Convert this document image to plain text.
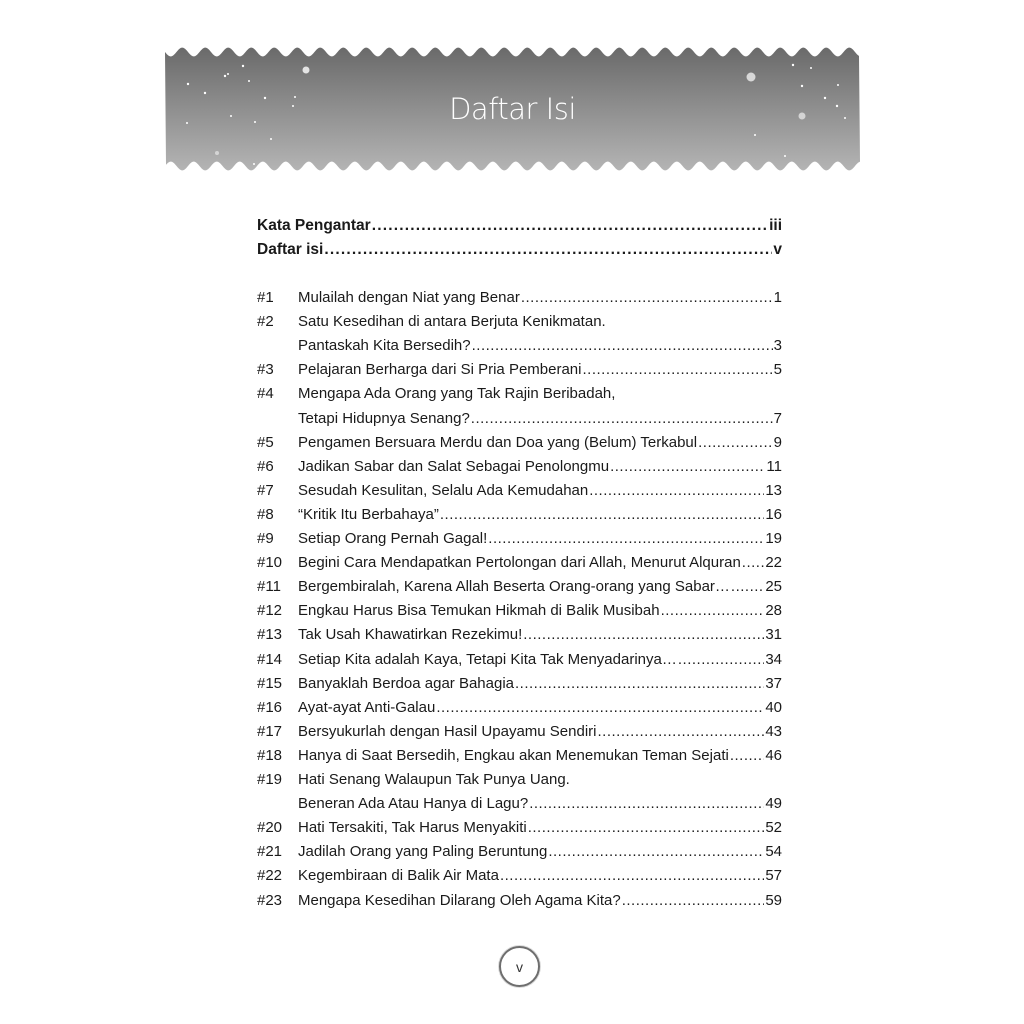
Daftar Isi
Kata Pengantar .....	iii
Daftar isi .....	v
#1	Mulailah dengan Niat yang Benar .....	1
#2	Satu Kesedihan di antara Berjuta Kenikmatan.
Pantaskah Kita Bersedih? .....	3
#3	Pelajaran Berharga dari Si Pria Pemberani .....	5
#4	Mengapa Ada Orang yang Tak Rajin Beribadah,
Tetapi Hidupnya Senang? .....	7
#5	Pengamen Bersuara Merdu dan Doa yang (Belum) Terkabul .....	9
#6	Jadikan Sabar dan Salat Sebagai Penolongmu .....	11
#7	Sesudah Kesulitan, Selalu Ada Kemudahan .....	13
#8	“Kritik Itu Berbahaya” .....	16
#9	Setiap Orang Pernah Gagal! .....	19
#10	Begini Cara Mendapatkan Pertolongan dari Allah, Menurut Alquran ..... 22
#11	Bergembiralah, Karena Allah Beserta Orang-orang yang Sabar… ..... 25
#12	Engkau Harus Bisa Temukan Hikmah di Balik Musibah .....	28
#13	Tak Usah Khawatirkan Rezekimu! .....	31
#14	Setiap Kita adalah Kaya, Tetapi Kita Tak Menyadarinya… .....	34
#15	Banyaklah Berdoa agar Bahagia .....	37
#16	Ayat-ayat Anti-Galau .....	40
#17	Bersyukurlah dengan Hasil Upayamu Sendiri .....	43
#18	Hanya di Saat Bersedih, Engkau akan Menemukan Teman Sejati ..... 46
#19	Hati Senang Walaupun Tak Punya Uang.
Beneran Ada Atau Hanya di Lagu? .....	49
#20	Hati Tersakiti, Tak Harus Menyakiti .....	52
#21	Jadilah Orang yang Paling Beruntung .....	54
#22	Kegembiraan di Balik Air Mata .....	57
#23	Mengapa Kesedihan Dilarang Oleh Agama Kita? .....	59
v
